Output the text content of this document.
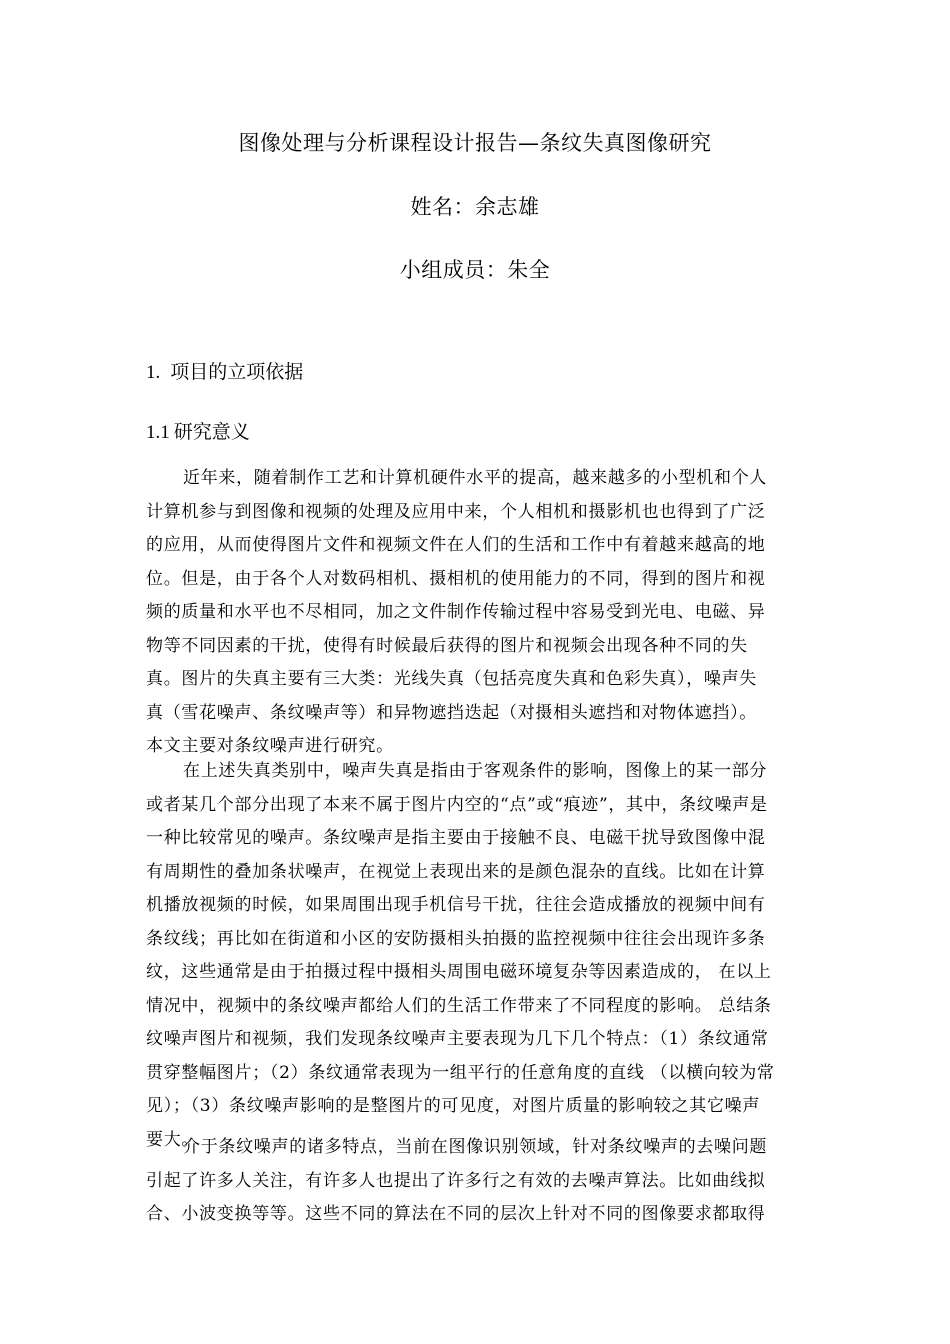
图像处理与分析课程设计报告—条纹失真图像研究
姓名：余志雄
小组成员：朱全
1. 项目的立项依据
1.1 研究意义
近年来，随着制作工艺和计算机硬件水平的提高，越来越多的小型机和个人
计算机参与到图像和视频的处理及应用中来，个人相机和摄影机也也得到了广泛
的应用，从而使得图片文件和视频文件在人们的生活和工作中有着越来越高的地
位。但是，由于各个人对数码相机、摄相机的使用能力的不同，得到的图片和视
频的质量和水平也不尽相同，加之文件制作传输过程中容易受到光电、电磁、异
物等不同因素的干扰，使得有时候最后获得的图片和视频会出现各种不同的失
真。图片的失真主要有三大类：光线失真（包括亮度失真和色彩失真），噪声失
真（雪花噪声、条纹噪声等）和异物遮挡迭起（对摄相头遮挡和对物体遮挡）。
本文主要对条纹噪声进行研究。
在上述失真类别中，噪声失真是指由于客观条件的影响，图像上的某一部分
或者某几个部分出现了本来不属于图片内空的“点”或“痕迹”，其中，条纹噪声是
一种比较常见的噪声。条纹噪声是指主要由于接触不良、电磁干扰导致图像中混
有周期性的叠加条状噪声，在视觉上表现出来的是颜色混杂的直线。比如在计算
机播放视频的时候，如果周围出现手机信号干扰，往往会造成播放的视频中间有
条纹线；再比如在街道和小区的安防摄相头拍摄的监控视频中往往会出现许多条
纹，这些通常是由于拍摄过程中摄相头周围电磁环境复杂等因素造成的， 在以上
情况中，视频中的条纹噪声都给人们的生活工作带来了不同程度的影响。 总结条
纹噪声图片和视频，我们发现条纹噪声主要表现为几下几个特点：（1）条纹通常
贯穿整幅图片；（2）条纹通常表现为一组平行的任意角度的直线 （以横向较为常
见）；（3）条纹噪声影响的是整图片的可见度，对图片质量的影响较之其它噪声
要大。
介于条纹噪声的诸多特点，当前在图像识别领域，针对条纹噪声的去噪问题
引起了许多人关注，有许多人也提出了许多行之有效的去噪声算法。比如曲线拟
合、小波变换等等。这些不同的算法在不同的层次上针对不同的图像要求都取得
